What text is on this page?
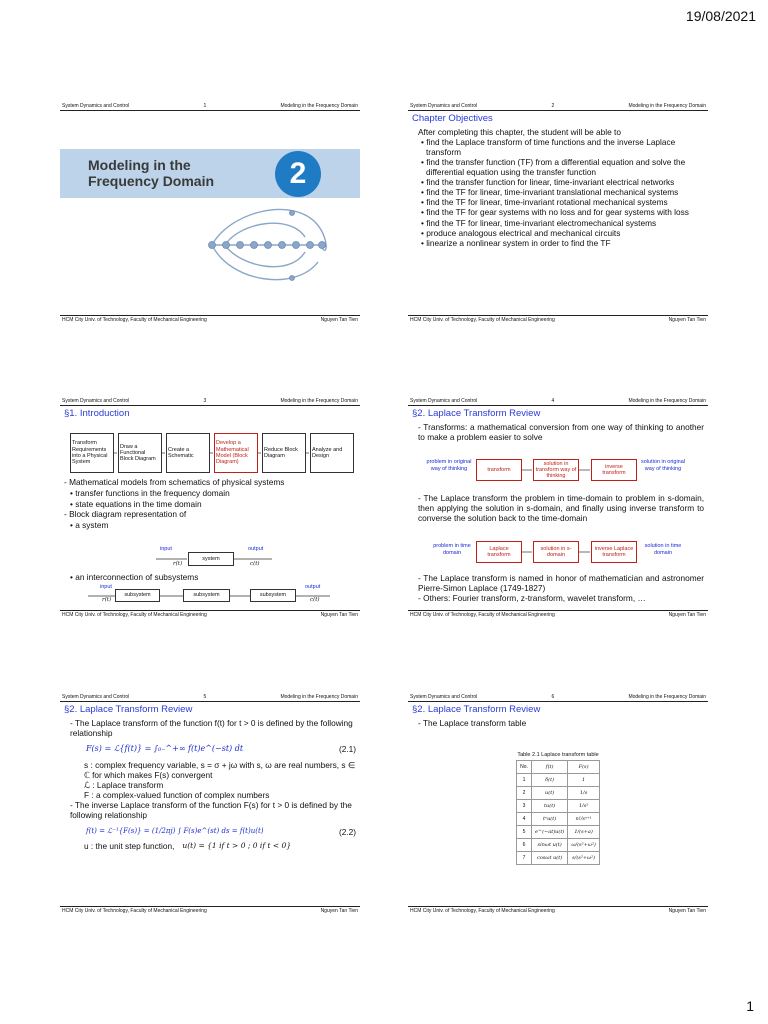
19/08/2021
System Dynamics and Control	1	Modeling in the Frequency Domain
Modeling in the
Frequency Domain	2
HCM City Univ. of Technology, Faculty of Mechanical Engineering	Nguyen Tan Tien
System Dynamics and Control	2	Modeling in the Frequency Domain
Chapter Objectives
After completing this chapter, the student will be able to
• find the Laplace transform of time functions and the inverse Laplace transform
• find the transfer function (TF) from a differential equation and solve the differential equation using the transfer function
• find the transfer function for linear, time-invariant electrical networks
• find the TF for linear, time-invariant translational mechanical systems
• find the TF for linear, time-invariant rotational mechanical systems
• find the TF for gear systems with no loss and for gear systems with loss
• find the TF for linear, time-invariant electromechanical systems
• produce analogous electrical and mechanical circuits
• linearize a nonlinear system in order to find the TF
HCM City Univ. of Technology, Faculty of Mechanical Engineering	Nguyen Tan Tien
System Dynamics and Control	3	Modeling in the Frequency Domain
§1. Introduction
Transform Requirements into a Physical System
Draw a Functional Block Diagram
Create a Schematic
Develop a Mathematical Model (Block Diagram)
Reduce Block Diagram
Analyze and Design
- Mathematical models from schematics of physical systems
• transfer functions in the frequency domain
• state equations in the time domain
- Block diagram representation of
• a system
input	output
system
r(t)	c(t)
• an interconnection of subsystems
input	output
subsystem	subsystem	subsystem
r(t)	c(t)
HCM City Univ. of Technology, Faculty of Mechanical Engineering	Nguyen Tan Tien
System Dynamics and Control	4	Modeling in the Frequency Domain
§2. Laplace Transform Review
- Transforms: a mathematical conversion from one way of thinking to another to make a problem easier to solve
problem in original way of thinking	transform
solution in transform way of thinking
inverse transform
solution in original way of thinking
- The Laplace transform the problem in time-domain to problem in s-domain, then applying the solution in s-domain, and finally using inverse transform to converse the solution back to the time-domain
problem in time domain
Laplace transform
solution in s-domain
inverse Laplace transform
solution in time domain
- The Laplace transform is named in honor of mathematician and astronomer Pierre-Simon Laplace (1749-1827)
- Others: Fourier transform, z-transform, wavelet transform, …
HCM City Univ. of Technology, Faculty of Mechanical Engineering	Nguyen Tan Tien
System Dynamics and Control	5	Modeling in the Frequency Domain
§2. Laplace Transform Review
- The Laplace transform of the function f(t) for t > 0 is defined by the following relationship
F(s) = ℒ{f(t)} = ∫₀₋^+∞ f(t)e^(−st) dt	(2.1)
s : complex frequency variable, s = σ + jω with s, ω are real numbers, s ∈ ℂ for which makes F(s) convergent
ℒ : Laplace transform
F : a complex-valued function of complex numbers
- The inverse Laplace transform of the function F(s) for t > 0 is defined by the following relationship
f(t) = ℒ⁻¹{F(s)} = (1/2πj) ∫ F(s)e^(st) ds = f(t)u(t)	(2.2)
u : the unit step function, u(t) = {1 if t > 0 ; 0 if t < 0}
HCM City Univ. of Technology, Faculty of Mechanical Engineering	Nguyen Tan Tien
System Dynamics and Control	6	Modeling in the Frequency Domain
§2. Laplace Transform Review
- The Laplace transform table
Table 2.1 Laplace transform table
No.	f(t)	F(s)
1	δ(t)	1
2	u(t)	1/s
3	tu(t)	1/s²
4	tⁿu(t)	n!/sⁿ⁺¹
5	e^(−at)u(t)	1/(s+a)
6	sinωt u(t)	ω/(s²+ω²)
7	cosωt u(t)	s/(s²+ω²)
HCM City Univ. of Technology, Faculty of Mechanical Engineering	Nguyen Tan Tien
1
